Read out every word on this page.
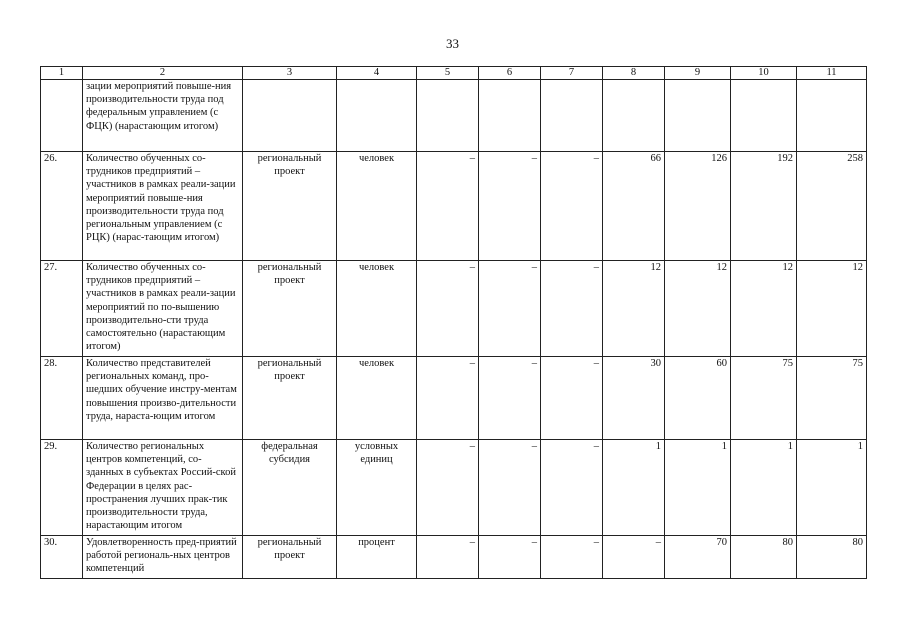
33
1	2	3	4	5	6	7	8	9	10	11

	зации мероприятий повыше-ния производительности труда под федеральным управлением (с ФЦК) (нарастающим итогом)									

26.	Количество обученных со-трудников предприятий – участников в рамках реали-зации мероприятий повыше-ния производительности труда под региональным управлением (с РЦК) (нарас-тающим итогом)	региональный проект	человек	–	–	–	66	126	192	258
27.	Количество обученных со-трудников предприятий – участников в рамках реали-зации мероприятий по по-вышению производительно-сти труда самостоятельно (нарастающим итогом)	региональный проект	человек	–	–	–	12	12	12	12
28.	Количество представителей региональных команд, про-шедших обучение инстру-ментам повышения произво-дительности труда, нараста-ющим итогом	региональный проект	человек	–	–	–	30	60	75	75
29.	Количество региональных центров компетенций, со-зданных в субъектах Россий-ской Федерации в целях рас-пространения лучших прак-тик производительности труда, нарастающим итогом	федеральная субсидия	условных единиц	–	–	–	1	1	1	1
30.	Удовлетворенность пред-приятий работой региональ-ных центров компетенций	региональный проект	процент	–	–	–	–	70	80	80
